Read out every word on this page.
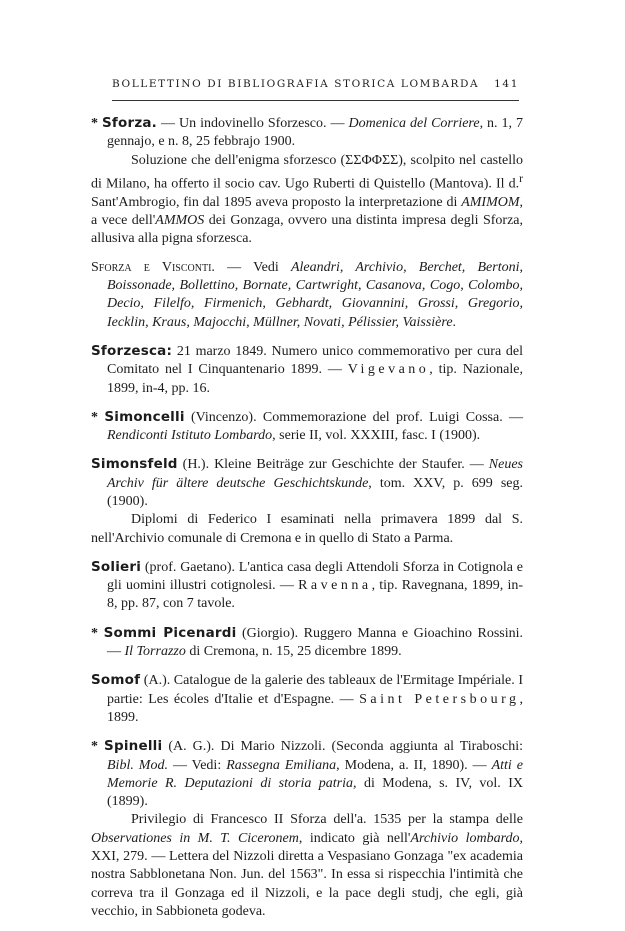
BOLLETTINO DI BIBLIOGRAFIA STORICA LOMBARDA 141

* Sforza. — Un indovinello Sforzesco. — Domenica del Corriere, n. 1, 7 gennajo, e n. 8, 25 febbrajo 1900.

Soluzione che dell'enigma sforzesco (ΣΣΦΦΣΣ), scolpito nel castello di Milano, ha offerto il socio cav. Ugo Ruberti di Quistello (Mantova). Il d.$^r$ Sant'Ambrogio, fin dal 1895 aveva proposto la interpretazione di AMIMOM, a vece dell'AMMOS dei Gonzaga, ovvero una distinta impresa degli Sforza, allusiva alla pigna sforzesca.

Sforza e Visconti. — Vedi Aleandri, Archivio, Berchet, Bertoni, Boissonade, Bollettino, Bornate, Cartwright, Casanova, Cogo, Colombo, Decio, Filelfo, Firmenich, Gebhardt, Giovannini, Grossi, Gregorio, Iecklin, Kraus, Majocchi, Müllner, Novati, Pélissier, Vaissière.

Sforzesca: 21 marzo 1849. Numero unico commemorativo per cura del Comitato nel I Cinquantenario 1899. — Vigevano, tip. Nazionale, 1899, in-4, pp. 16.

* Simoncelli (Vincenzo). Commemorazione del prof. Luigi Cossa. — Rendiconti Istituto Lombardo, serie II, vol. XXXIII, fasc. I (1900).

Simonsfeld (H.). Kleine Beiträge zur Geschichte der Staufer. — Neues Archiv für ältere deutsche Geschichtskunde, tom. XXV, p. 699 seg. (1900).

Diplomi di Federico I esaminati nella primavera 1899 dal S. nell'Archivio comunale di Cremona e in quello di Stato a Parma.

Solieri (prof. Gaetano). L'antica casa degli Attendoli Sforza in Cotignola e gli uomini illustri cotignolesi. — Ravenna, tip. Ravegnana, 1899, in-8, pp. 87, con 7 tavole.

* Sommi Picenardi (Giorgio). Ruggero Manna e Gioachino Rossini. — Il Torrazzo di Cremona, n. 15, 25 dicembre 1899.

Somof (A.). Catalogue de la galerie des tableaux de l'Ermitage Impériale. I partie: Les écoles d'Italie et d'Espagne. — Saint Petersbourg, 1899.

* Spinelli (A. G.). Di Mario Nizzoli. (Seconda aggiunta al Tiraboschi: Bibl. Mod. — Vedi: Rassegna Emiliana, Modena, a. II, 1890). — Atti e Memorie R. Deputazioni di storia patria, di Modena, s. IV, vol. IX (1899).

Privilegio di Francesco II Sforza dell'a. 1535 per la stampa delle Observationes in M. T. Ciceronem, indicato già nell'Archivio lombardo, XXI, 279. — Lettera del Nizzoli diretta a Vespasiano Gonzaga "ex academia nostra Sabblonetana Non. Jun. del 1563". In essa si rispecchia l'intimità che correva tra il Gonzaga ed il Nizzoli, e la pace degli studj, che egli, già vecchio, in Sabbioneta godeva.
